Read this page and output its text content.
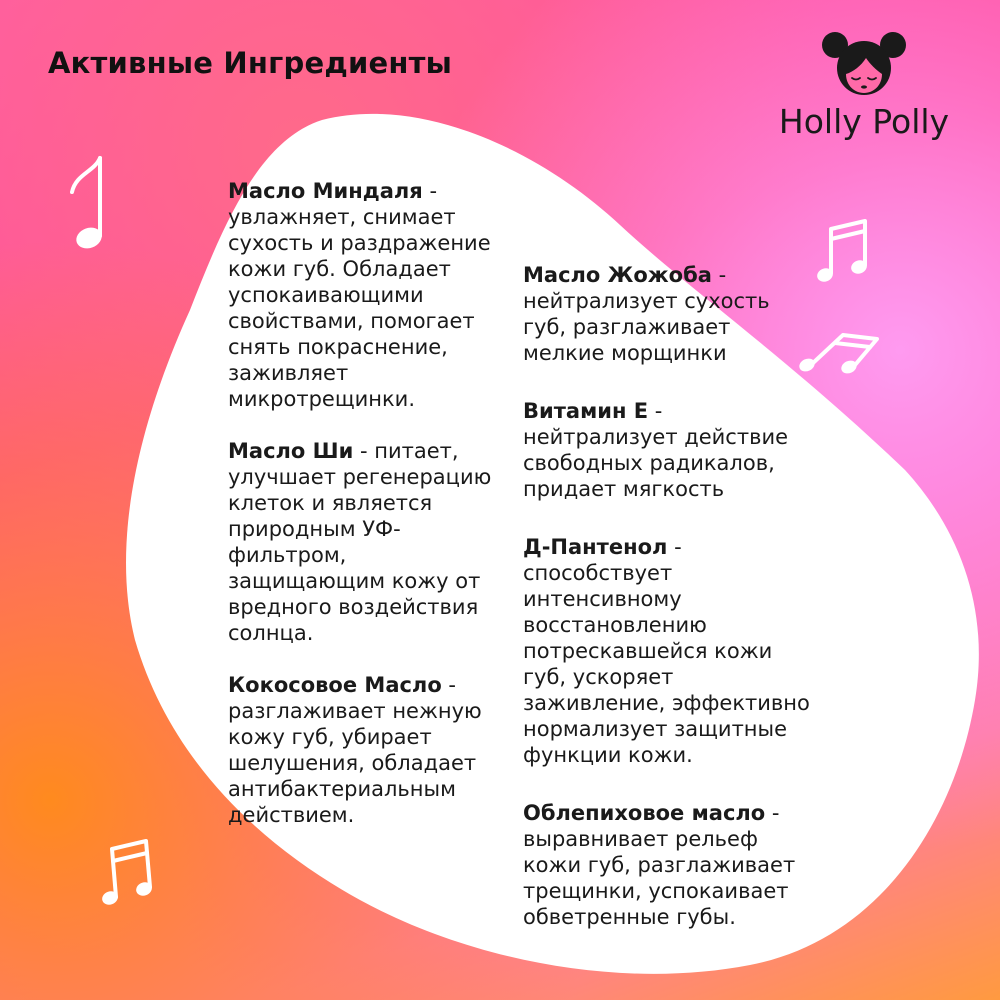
Активные Ингредиенты
Holly Polly
Масло Миндаля - увлажняет, снимает сухость и раздражение кожи губ. Обладает успокаивающими свойствами, помогает снять покраснение, заживляет микротрещинки.
Масло Ши - питает, улучшает регенерацию клеток и является природным УФ-фильтром, защищающим кожу от вредного воздействия солнца.
Кокосовое Масло - разглаживает нежную кожу губ, убирает шелушения, обладает антибактериальным действием.
Масло Жожоба -
нейтрализует сухость губ, разглаживает мелкие морщинки
Витамин Е -
нейтрализует действие свободных радикалов, придает мягкость
Д-Пантенол -
способствует интенсивному восстановлению потрескавшейся кожи губ, ускоряет заживление, эффективно нормализует защитные функции кожи.
Облепиховое масло -
выравнивает рельеф кожи губ, разглаживает трещинки, успокаивает обветренные губы.
